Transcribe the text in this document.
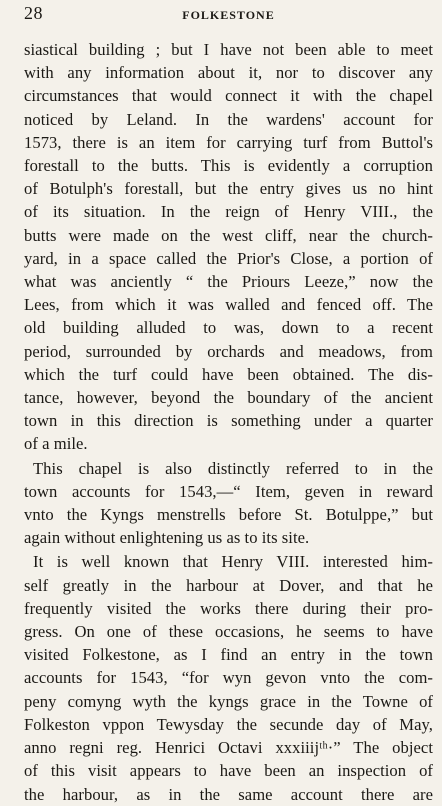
28	FOLKESTONE
siastical building ; but I have not been able to meet
with any information about it, nor to discover any
circumstances that would connect it with the chapel
noticed by Leland. In the wardens' account for
1573, there is an item for carrying turf from Buttol's
forestall to the butts. This is evidently a corruption
of Botulph's forestall, but the entry gives us no hint
of its situation. In the reign of Henry VIII., the
butts were made on the west cliff, near the church-
yard, in a space called the Prior's Close, a portion of
what was anciently “ the Priours Leeze,” now the
Lees, from which it was walled and fenced off. The
old building alluded to was, down to a recent
period, surrounded by orchards and meadows, from
which the turf could have been obtained. The dis-
tance, however, beyond the boundary of the ancient
town in this direction is something under a quarter
of a mile.
This chapel is also distinctly referred to in the
town accounts for 1543,—“ Item, geven in reward
vnto the Kyngs menstrells before St. Botulppe,” but
again without enlightening us as to its site.
It is well known that Henry VIII. interested him-
self greatly in the harbour at Dover, and that he
frequently visited the works there during their pro-
gress. On one of these occasions, he seems to have
visited Folkestone, as I find an entry in the town
accounts for 1543, “for wyn gevon vnto the com-
peny comyng wyth the kyngs grace in the Towne of
Folkeston vppon Tewysday the secunde day of May,
anno regni reg. Henrici Octavi xxxiiijᵗʰ·” The object
of this visit appears to have been an inspection of
the harbour, as in the same account there are
